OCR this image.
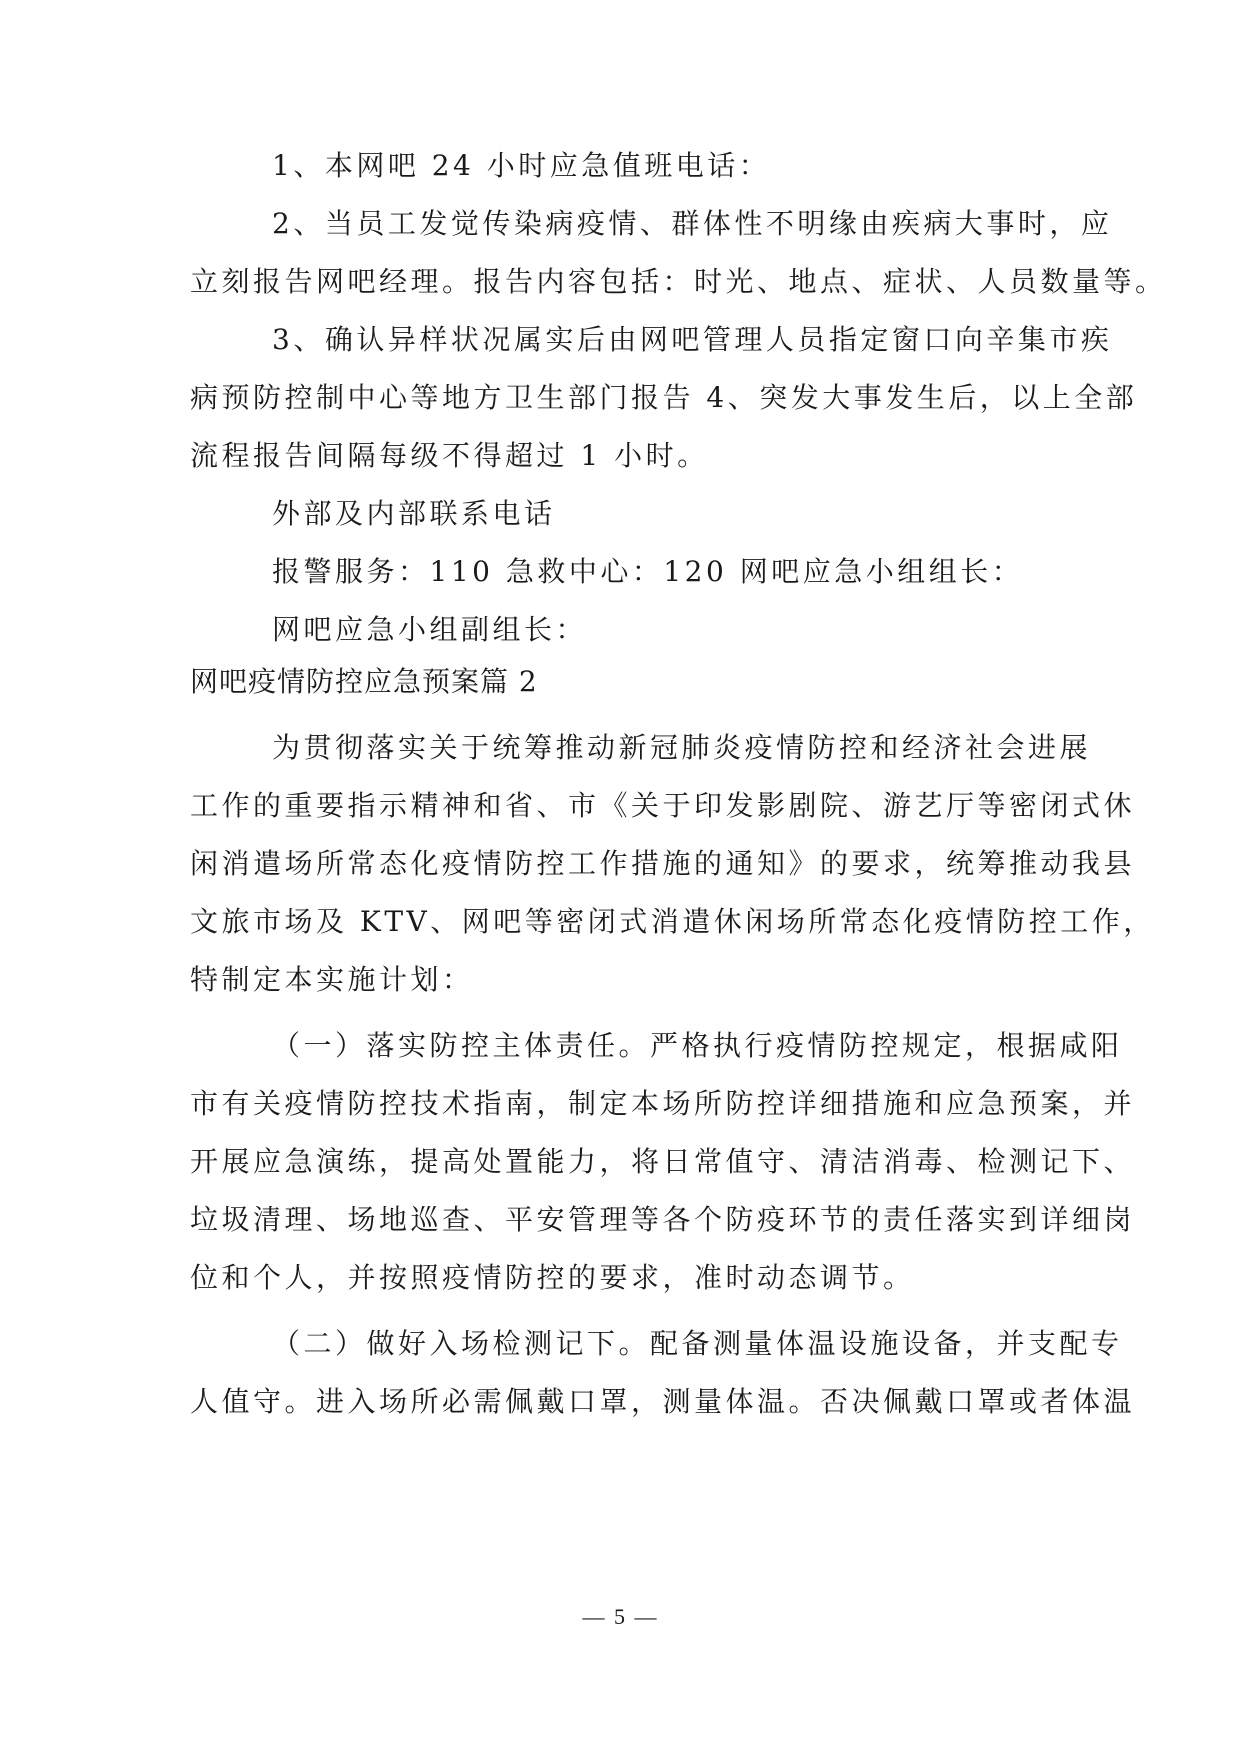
1、本网吧 24 小时应急值班电话：
2、当员工发觉传染病疫情、群体性不明缘由疾病大事时，应
立刻报告网吧经理。报告内容包括：时光、地点、症状、人员数量等。
3、确认异样状况属实后由网吧管理人员指定窗口向辛集市疾
病预防控制中心等地方卫生部门报告 4、突发大事发生后，以上全部
流程报告间隔每级不得超过 1 小时。
外部及内部联系电话
报警服务：110 急救中心：120 网吧应急小组组长：
网吧应急小组副组长：
网吧疫情防控应急预案篇 2
为贯彻落实关于统筹推动新冠肺炎疫情防控和经济社会进展
工作的重要指示精神和省、市《关于印发影剧院、游艺厅等密闭式休
闲消遣场所常态化疫情防控工作措施的通知》的要求，统筹推动我县
文旅市场及 KTV、网吧等密闭式消遣休闲场所常态化疫情防控工作，
特制定本实施计划：
（一）落实防控主体责任。严格执行疫情防控规定，根据咸阳
市有关疫情防控技术指南，制定本场所防控详细措施和应急预案，并
开展应急演练，提高处置能力，将日常值守、清洁消毒、检测记下、
垃圾清理、场地巡查、平安管理等各个防疫环节的责任落实到详细岗
位和个人，并按照疫情防控的要求，准时动态调节。
（二）做好入场检测记下。配备测量体温设施设备，并支配专
人值守。进入场所必需佩戴口罩，测量体温。否决佩戴口罩或者体温
— 5 —
